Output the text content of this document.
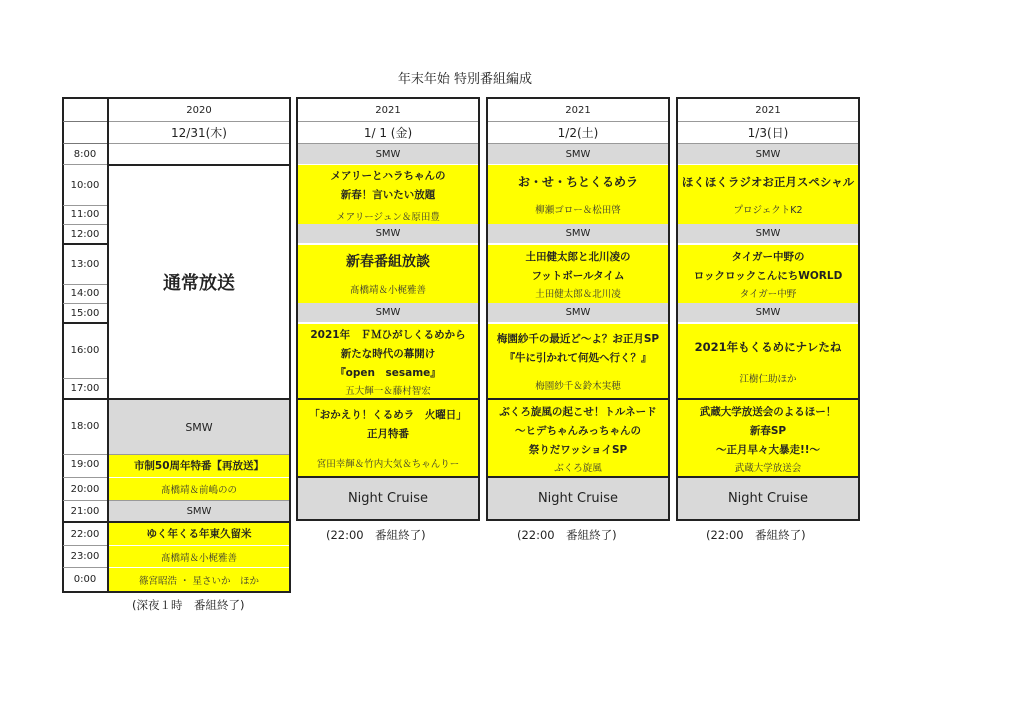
年末年始 特別番組編成
8:00
10:00
11:00
12:00
13:00
14:00
15:00
16:00
17:00
18:00
19:00
20:00
21:00
22:00
23:00
0:00
2020
12/31(木)
通常放送
SMW
市制50周年特番【再放送】
髙橋靖＆前嶋のの
SMW
ゆく年くる年東久留米
髙橋靖＆小梶雅善
篠宮昭浩 ・ 星さいか　ほか
(深夜１時　番組終了)
2021
1/ 1 (金)
SMW
メアリーとハラちゃんの
新春！言いたい放題
メアリージュン＆原田豊
SMW
新春番組放談
髙橋靖＆小梶雅善
SMW
2021年　ＦＭひがしくるめから
新たな時代の幕開け
『open　sesame』
五大輝一＆藤村智宏
「おかえり！くるめラ　火曜日」
正月特番
宮田幸輝＆竹内大気＆ちゃんりー
Night Cruise
(22:00　番組終了)
2021
1/2(土)
SMW
お・せ・ちとくるめラ
柳瀬ゴロー＆松田啓
SMW
土田健太郎と北川凌の
フットボールタイム
土田健太郎＆北川凌
SMW
梅園紗千の最近ど〜よ？お正月SP
『牛に引かれて何処へ行く？』
梅園紗千＆鈴木実穂
ぶくろ旋風の起こせ！トルネード
〜ヒデちゃんみっちゃんの
祭りだワッショイSP
ぶくろ旋風
Night Cruise
(22:00　番組終了)
2021
1/3(日)
SMW
ほくほくラジオお正月スペシャル
プロジェクトK2
SMW
タイガー中野の
ロックロックこんにちWORLD
タイガー中野
SMW
2021年もくるめにナレたね
江樹仁助ほか
武蔵大学放送会のよるほー！
新春SP
〜正月早々大暴走!!〜
武蔵大学放送会
Night Cruise
(22:00　番組終了)
